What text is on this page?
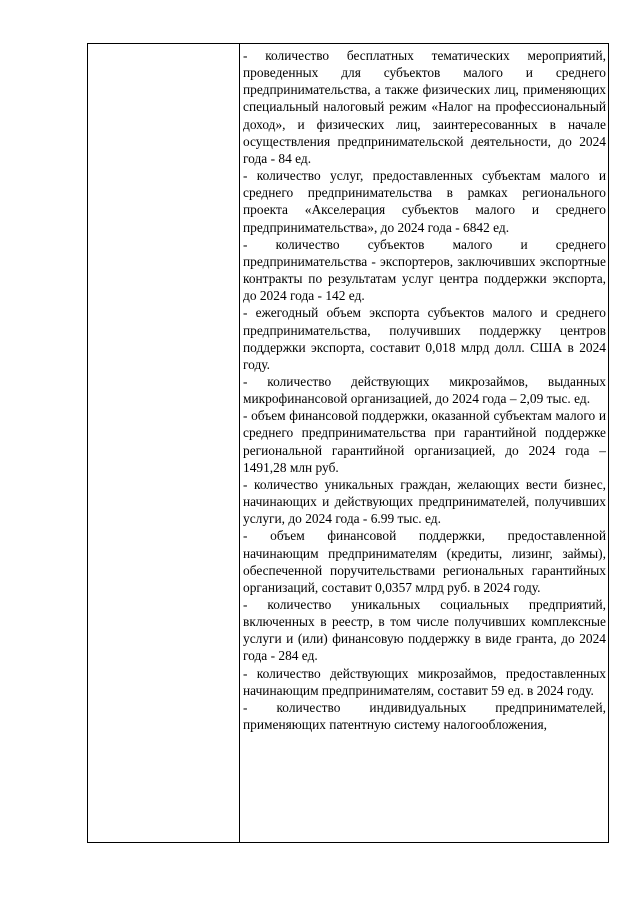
- количество бесплатных тематических мероприятий, проведенных для субъектов малого и среднего предпринимательства, а также физических лиц, применяющих специальный налоговый режим «Налог на профессиональный доход», и физических лиц, заинтересованных в начале осуществления предпринимательской деятельности, до 2024 года - 84 ед.

- количество услуг, предоставленных субъектам малого и среднего предпринимательства в рамках регионального проекта «Акселерация субъектов малого и среднего предпринимательства», до 2024 года - 6842 ед.

- количество субъектов малого и среднего предпринимательства - экспортеров, заключивших экспортные контракты по результатам услуг центра поддержки экспорта, до 2024 года - 142 ед.

- ежегодный объем экспорта субъектов малого и среднего предпринимательства, получивших поддержку центров поддержки экспорта, составит 0,018 млрд долл. США в 2024 году.

- количество действующих микрозаймов, выданных микрофинансовой организацией, до 2024 года – 2,09 тыс. ед.

- объем финансовой поддержки, оказанной субъектам малого и среднего предпринимательства при гарантийной поддержке региональной гарантийной организацией, до 2024 года – 1491,28 млн руб.

- количество уникальных граждан, желающих вести бизнес, начинающих и действующих предпринимателей, получивших услуги, до 2024 года - 6.99 тыс. ед.

- объем финансовой поддержки, предоставленной начинающим предпринимателям (кредиты, лизинг, займы), обеспеченной поручительствами региональных гарантийных организаций, составит 0,0357 млрд руб. в 2024 году.

- количество уникальных социальных предприятий, включенных в реестр, в том числе получивших комплексные услуги и (или) финансовую поддержку в виде гранта, до 2024 года - 284 ед.

- количество действующих микрозаймов, предоставленных начинающим предпринимателям, составит 59 ед. в 2024 году.

- количество индивидуальных предпринимателей, применяющих патентную систему налогообложения,
